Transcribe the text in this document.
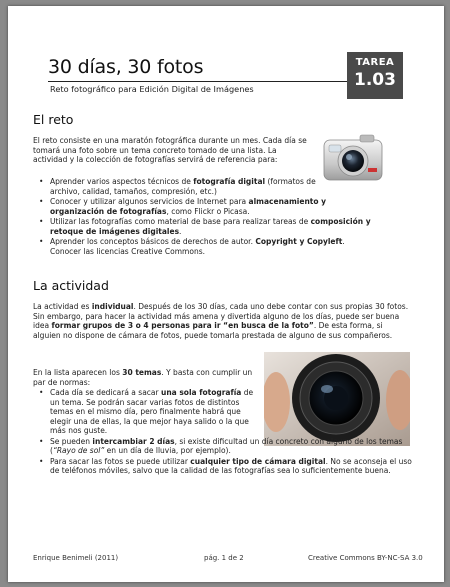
30 días, 30 fotos
Reto fotográfico para Edición Digital de Imágenes
TAREA
1.03
El reto

El reto consiste en una maratón fotográfica durante un mes. Cada día se tomará una foto sobre un tema concreto tomado de una lista. La actividad y la colección de fotografías servirá de referencia para:

• Aprender varios aspectos técnicos de fotografía digital (formatos de archivo, calidad, tamaños, compresión, etc.)
• Conocer y utilizar algunos servicios de Internet para almacenamiento y organización de fotografías, como Flickr o Picasa.
• Utilizar las fotografías como material de base para realizar tareas de composición y retoque de imágenes digitales.
• Aprender los conceptos básicos de derechos de autor. Copyright y Copyleft. Conocer las licencias Creative Commons.
La actividad

La actividad es individual. Después de los 30 días, cada uno debe contar con sus propias 30 fotos. Sin embargo, para hacer la actividad más amena y divertida alguno de los días, puede ser buena idea formar grupos de 3 o 4 personas para ir “en busca de la foto”. De esta forma, si alguien no dispone de cámara de fotos, puede tomarla prestada de alguno de sus compañeros.

En la lista aparecen los 30 temas. Y basta con cumplir un par de normas:

• Cada día se dedicará a sacar una sola fotografía de un tema. Se podrán sacar varias fotos de distintos temas en el mismo día, pero finalmente habrá que elegir una de ellas, la que mejor haya salido o la que más nos guste.
• Se pueden intercambiar 2 días, si existe dificultad un día concreto con alguno de los temas (“Rayo de sol” en un día de lluvia, por ejemplo).
• Para sacar las fotos se puede utilizar cualquier tipo de cámara digital. No se aconseja el uso de teléfonos móviles, salvo que la calidad de las fotografías sea lo suficientemente buena.
Enrique Benimeli (2011)	pág. 1 de 2	Creative Commons BY-NC-SA 3.0
